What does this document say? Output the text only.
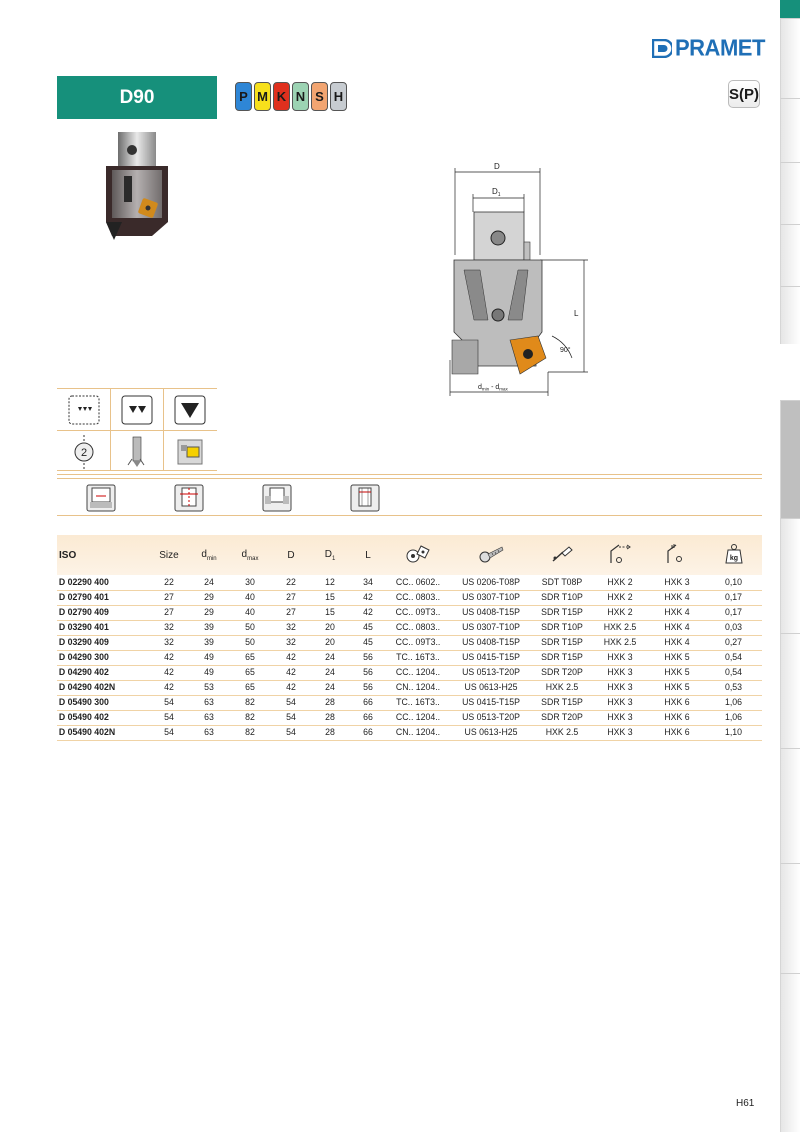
PRAMET
D90	P M K N S H	S(P)
D
$D_1$
L
90°
$d_{min} - d_{max}$
2
ISO	Size	$d_{min}$	$d_{max}$	D	$D_1$	L						kg

D 02290 400	22	24	30	22	12	34	CC.. 0602..	US 0206-T08P	SDT T08P	HXK 2	HXK 3	0,10
D 02790 401	27	29	40	27	15	42	CC.. 0803..	US 0307-T10P	SDR T10P	HXK 2	HXK 4	0,17
D 02790 409	27	29	40	27	15	42	CC.. 09T3..	US 0408-T15P	SDR T15P	HXK 2	HXK 4	0,17
D 03290 401	32	39	50	32	20	45	CC.. 0803..	US 0307-T10P	SDR T10P	HXK 2.5	HXK 4	0,03
D 03290 409	32	39	50	32	20	45	CC.. 09T3..	US 0408-T15P	SDR T15P	HXK 2.5	HXK 4	0,27
D 04290 300	42	49	65	42	24	56	TC.. 16T3..	US 0415-T15P	SDR T15P	HXK 3	HXK 5	0,54
D 04290 402	42	49	65	42	24	56	CC.. 1204..	US 0513-T20P	SDR T20P	HXK 3	HXK 5	0,54
D 04290 402N	42	53	65	42	24	56	CN.. 1204..	US 0613-H25	HXK 2.5	HXK 3	HXK 5	0,53
D 05490 300	54	63	82	54	28	66	TC.. 16T3..	US 0415-T15P	SDR T15P	HXK 3	HXK 6	1,06
D 05490 402	54	63	82	54	28	66	CC.. 1204..	US 0513-T20P	SDR T20P	HXK 3	HXK 6	1,06
D 05490 402N	54	63	82	54	28	66	CN.. 1204..	US 0613-H25	HXK 2.5	HXK 3	HXK 6	1,10
H61
